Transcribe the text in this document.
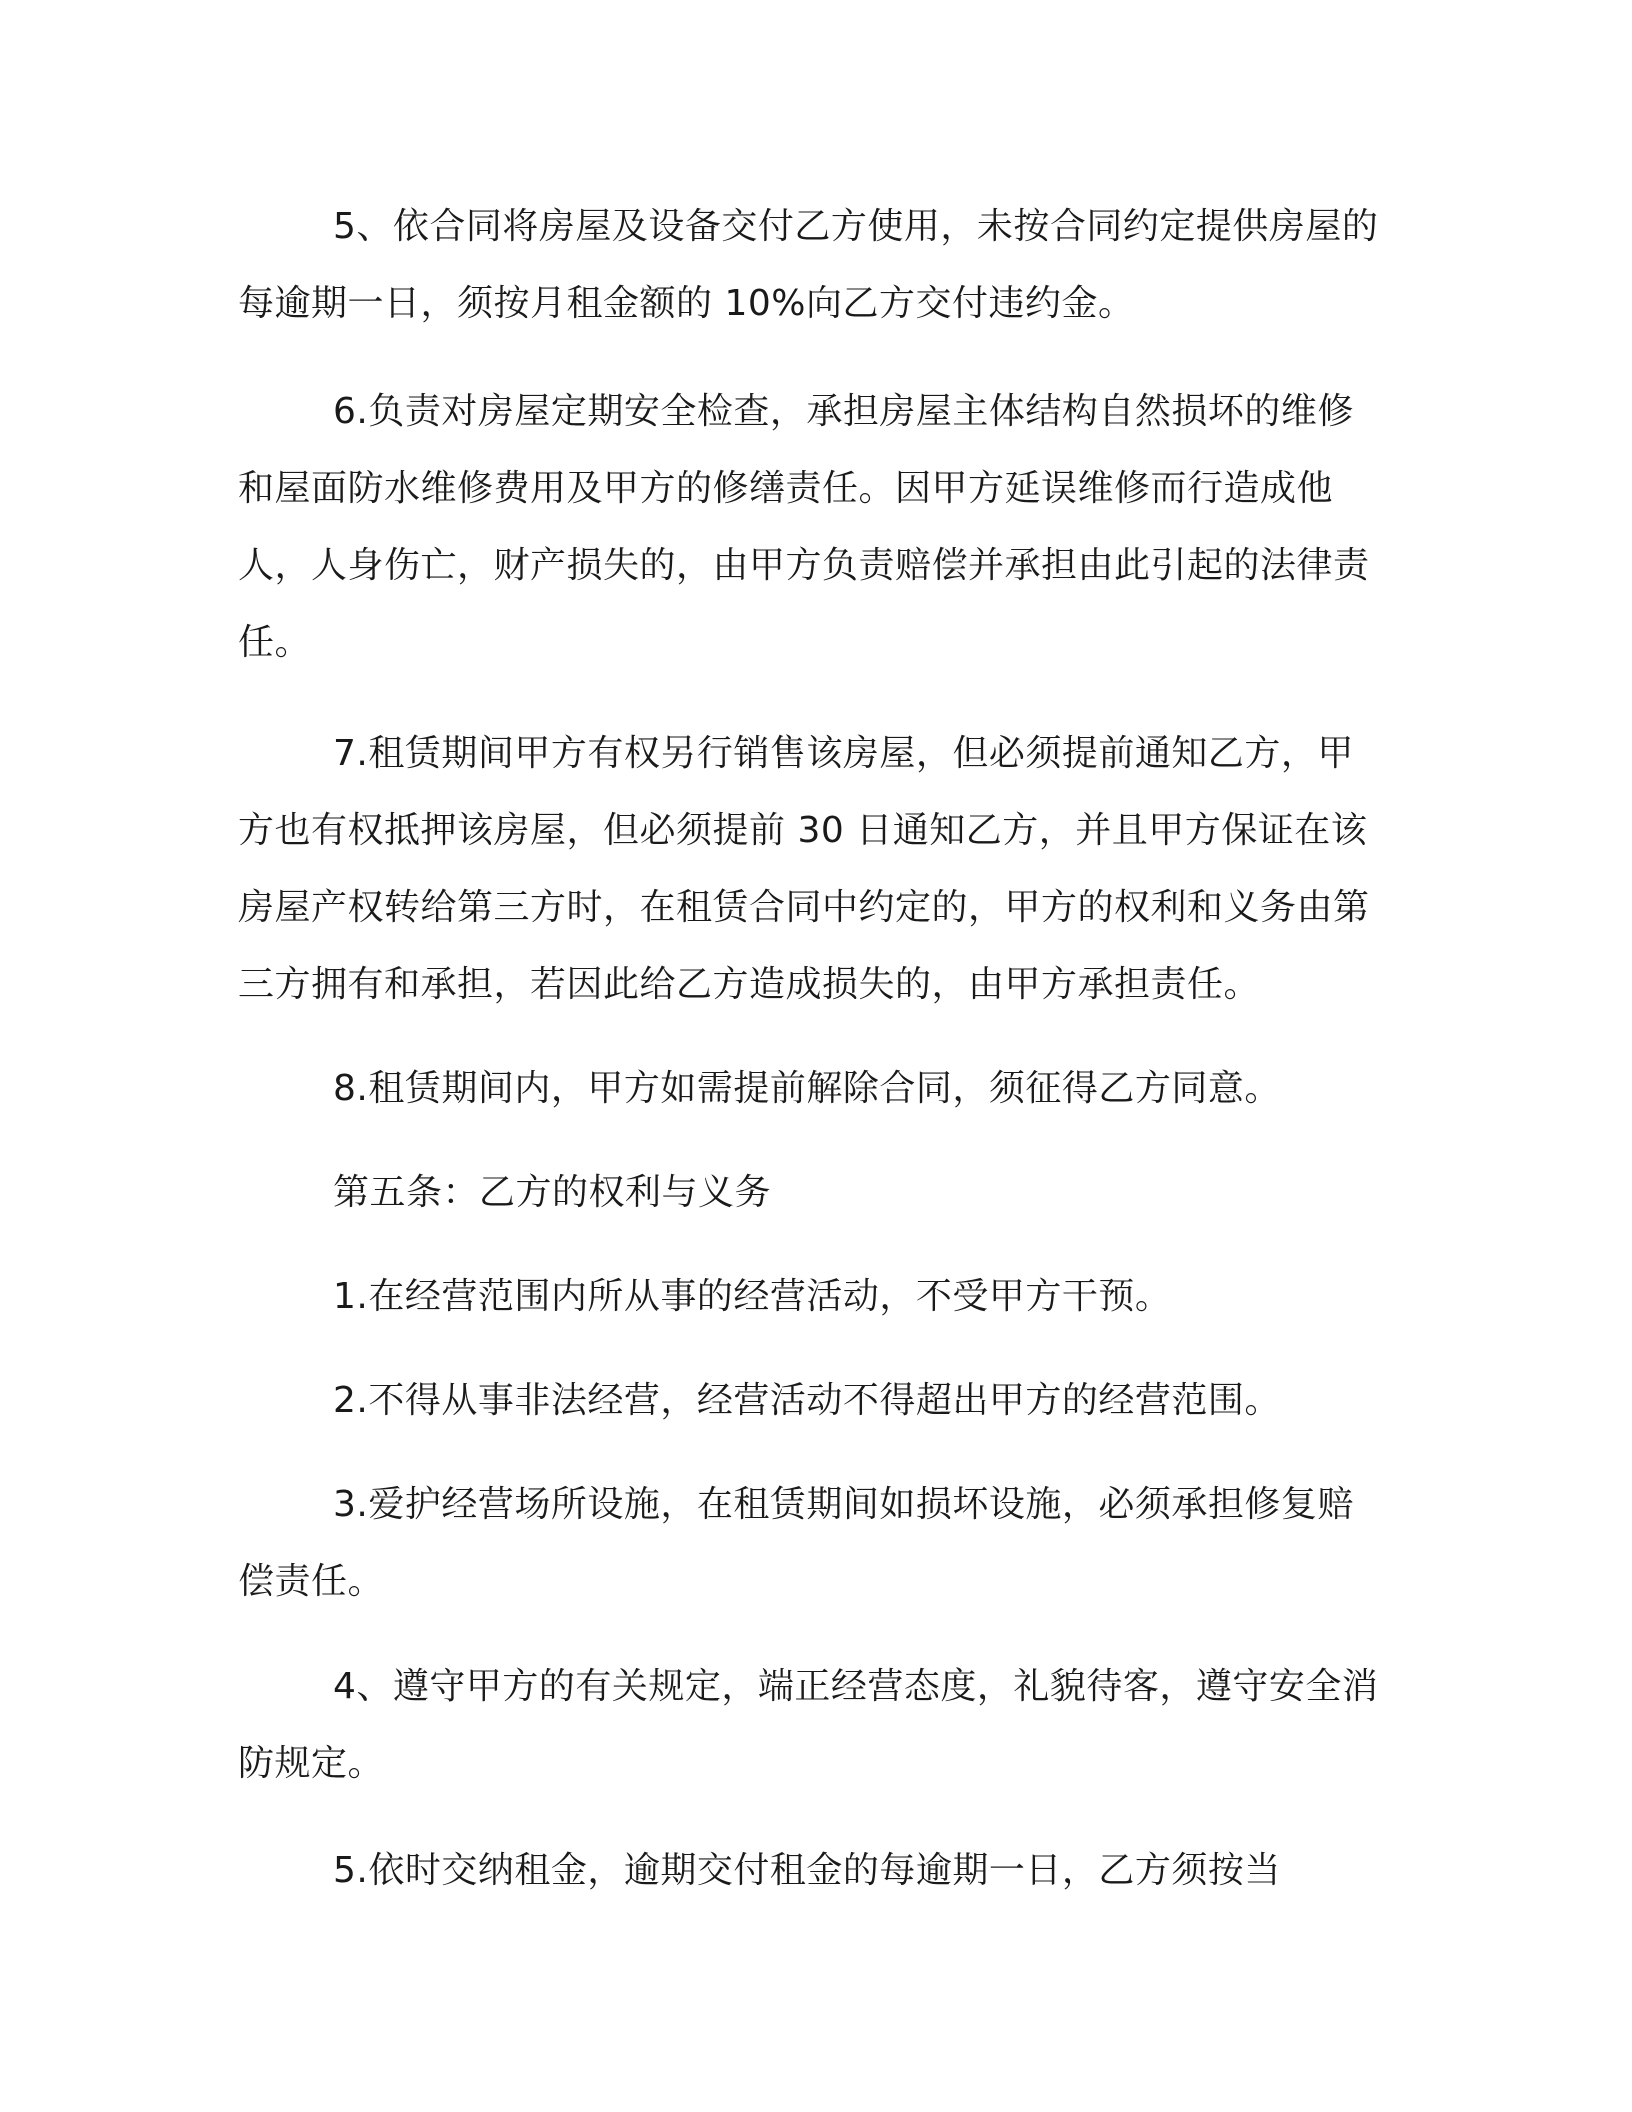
5、依合同将房屋及设备交付乙方使用，未按合同约定提供房屋的每逾期一日，须按月租金额的 10%向乙方交付违约金。

6.负责对房屋定期安全检查，承担房屋主体结构自然损坏的维修和屋面防水维修费用及甲方的修缮责任。因甲方延误维修而行造成他人，人身伤亡，财产损失的，由甲方负责赔偿并承担由此引起的法律责任。

7.租赁期间甲方有权另行销售该房屋，但必须提前通知乙方，甲方也有权抵押该房屋，但必须提前 30 日通知乙方，并且甲方保证在该房屋产权转给第三方时，在租赁合同中约定的，甲方的权利和义务由第三方拥有和承担，若因此给乙方造成损失的，由甲方承担责任。

8.租赁期间内，甲方如需提前解除合同，须征得乙方同意。

第五条：乙方的权利与义务

1.在经营范围内所从事的经营活动，不受甲方干预。

2.不得从事非法经营，经营活动不得超出甲方的经营范围。

3.爱护经营场所设施，在租赁期间如损坏设施，必须承担修复赔偿责任。

4、遵守甲方的有关规定，端正经营态度，礼貌待客，遵守安全消防规定。

5.依时交纳租金，逾期交付租金的每逾期一日，乙方须按当
